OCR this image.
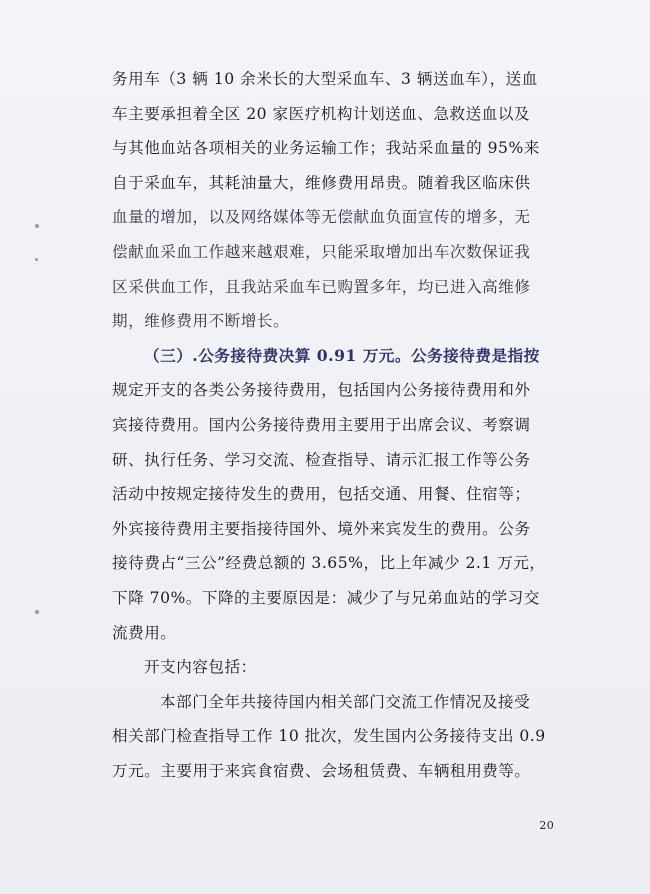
务用车（3 辆 10 余米长的大型采血车、3 辆送血车），送血
车主要承担着全区 20 家医疗机构计划送血、急救送血以及
与其他血站各项相关的业务运输工作；我站采血量的 95%来
自于采血车，其耗油量大，维修费用昂贵。随着我区临床供
血量的增加，以及网络媒体等无偿献血负面宣传的增多，无
偿献血采血工作越来越艰难，只能采取增加出车次数保证我
区采供血工作，且我站采血车已购置多年，均已进入高维修
期，维修费用不断增长。
（三）.公务接待费决算 0.91 万元。公务接待费是指按
规定开支的各类公务接待费用，包括国内公务接待费用和外
宾接待费用。国内公务接待费用主要用于出席会议、考察调
研、执行任务、学习交流、检查指导、请示汇报工作等公务
活动中按规定接待发生的费用，包括交通、用餐、住宿等；
外宾接待费用主要指接待国外、境外来宾发生的费用。公务
接待费占“三公”经费总额的 3.65%，比上年减少 2.1 万元，
下降 70%。下降的主要原因是：减少了与兄弟血站的学习交
流费用。
开支内容包括：
本部门全年共接待国内相关部门交流工作情况及接受
相关部门检查指导工作 10 批次，发生国内公务接待支出 0.9
万元。主要用于来宾食宿费、会场租赁费、车辆租用费等。
20
